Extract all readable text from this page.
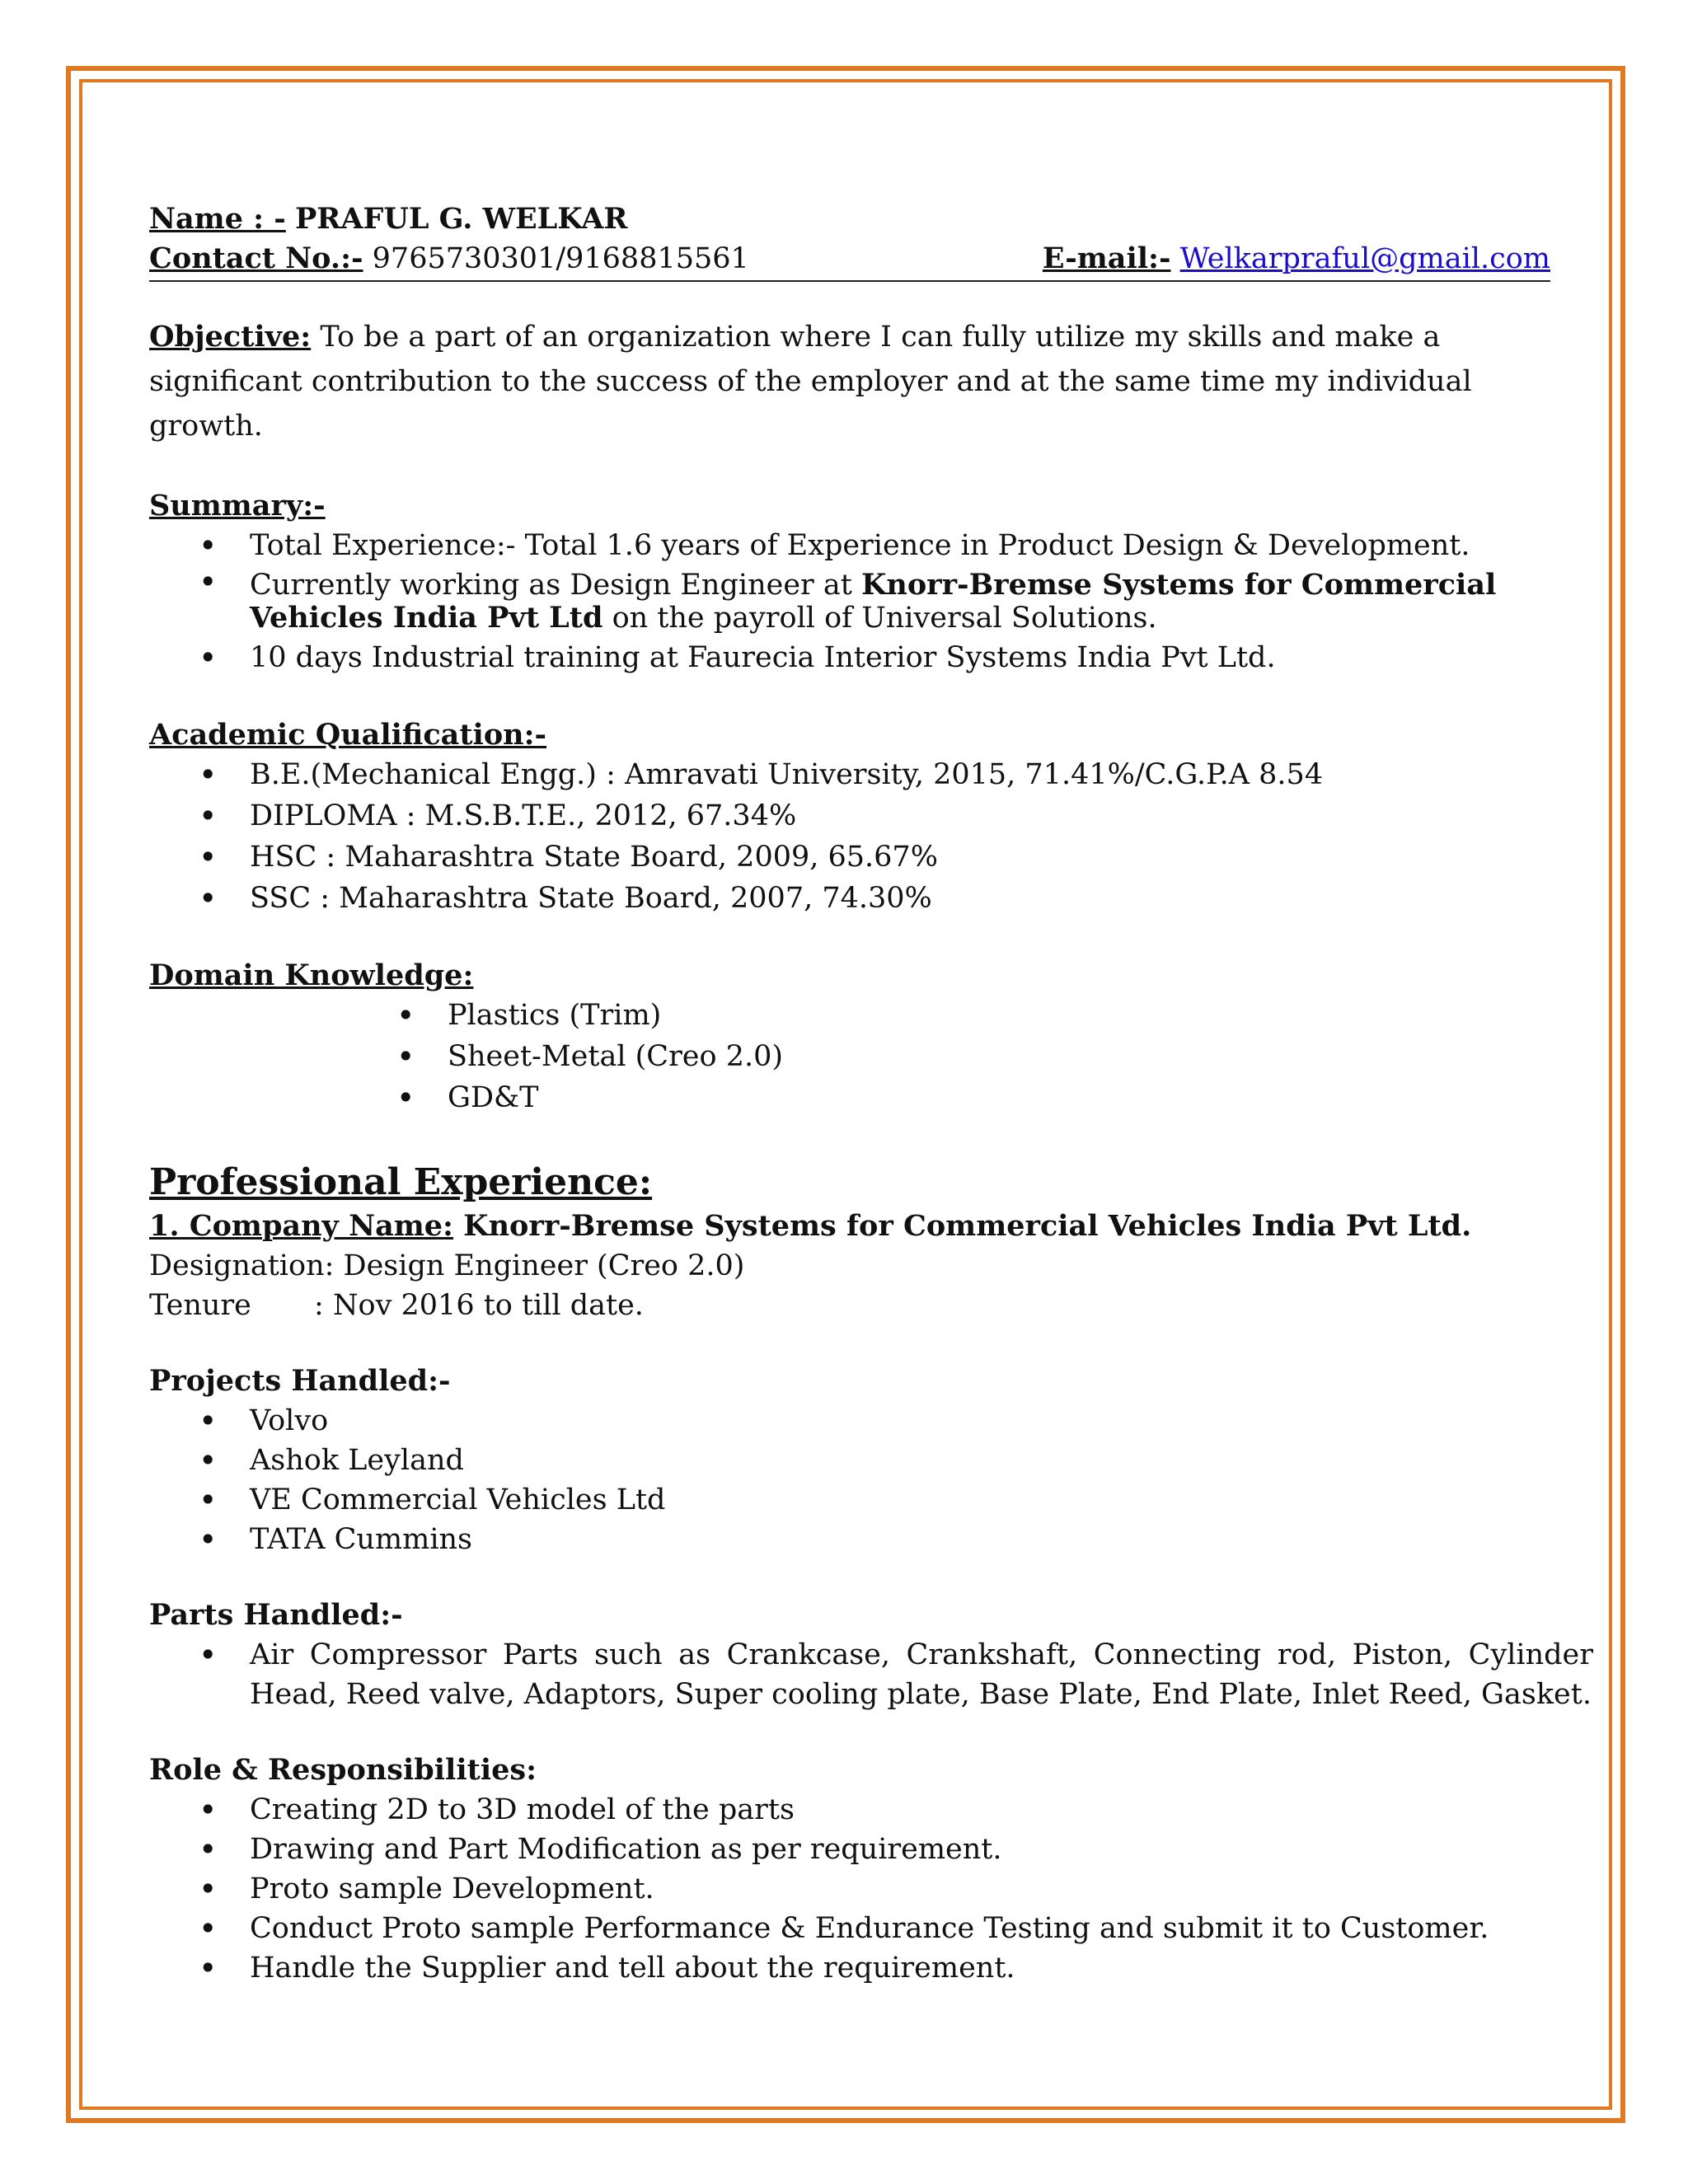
Name : - PRAFUL G. WELKAR
Contact No.:- 9765730301/9168815561	E-mail:- Welkarpraful@gmail.com
Objective: To be a part of an organization where I can fully utilize my skills and make a significant contribution to the success of the employer and at the same time my individual growth.
Summary:-
• Total Experience:- Total 1.6 years of Experience in Product Design & Development.
• Currently working as Design Engineer at Knorr-Bremse Systems for Commercial Vehicles India Pvt Ltd on the payroll of Universal Solutions.
• 10 days Industrial training at Faurecia Interior Systems India Pvt Ltd.
Academic Qualification:-
• B.E.(Mechanical Engg.) : Amravati University, 2015, 71.41%/C.G.P.A 8.54
• DIPLOMA : M.S.B.T.E., 2012, 67.34%
• HSC : Maharashtra State Board, 2009, 65.67%
• SSC : Maharashtra State Board, 2007, 74.30%
Domain Knowledge:
• Plastics (Trim)
• Sheet-Metal (Creo 2.0)
• GD&T
Professional Experience:
1. Company Name: Knorr-Bremse Systems for Commercial Vehicles India Pvt Ltd.
Designation: Design Engineer (Creo 2.0)
Tenure : Nov 2016 to till date.
Projects Handled:-
• Volvo
• Ashok Leyland
• VE Commercial Vehicles Ltd
• TATA Cummins
Parts Handled:-
• Air Compressor Parts such as Crankcase, Crankshaft, Connecting rod, Piston, Cylinder Head, Reed valve, Adaptors, Super cooling plate, Base Plate, End Plate, Inlet Reed, Gasket.
Role & Responsibilities:
• Creating 2D to 3D model of the parts
• Drawing and Part Modification as per requirement.
• Proto sample Development.
• Conduct Proto sample Performance & Endurance Testing and submit it to Customer.
• Handle the Supplier and tell about the requirement.
